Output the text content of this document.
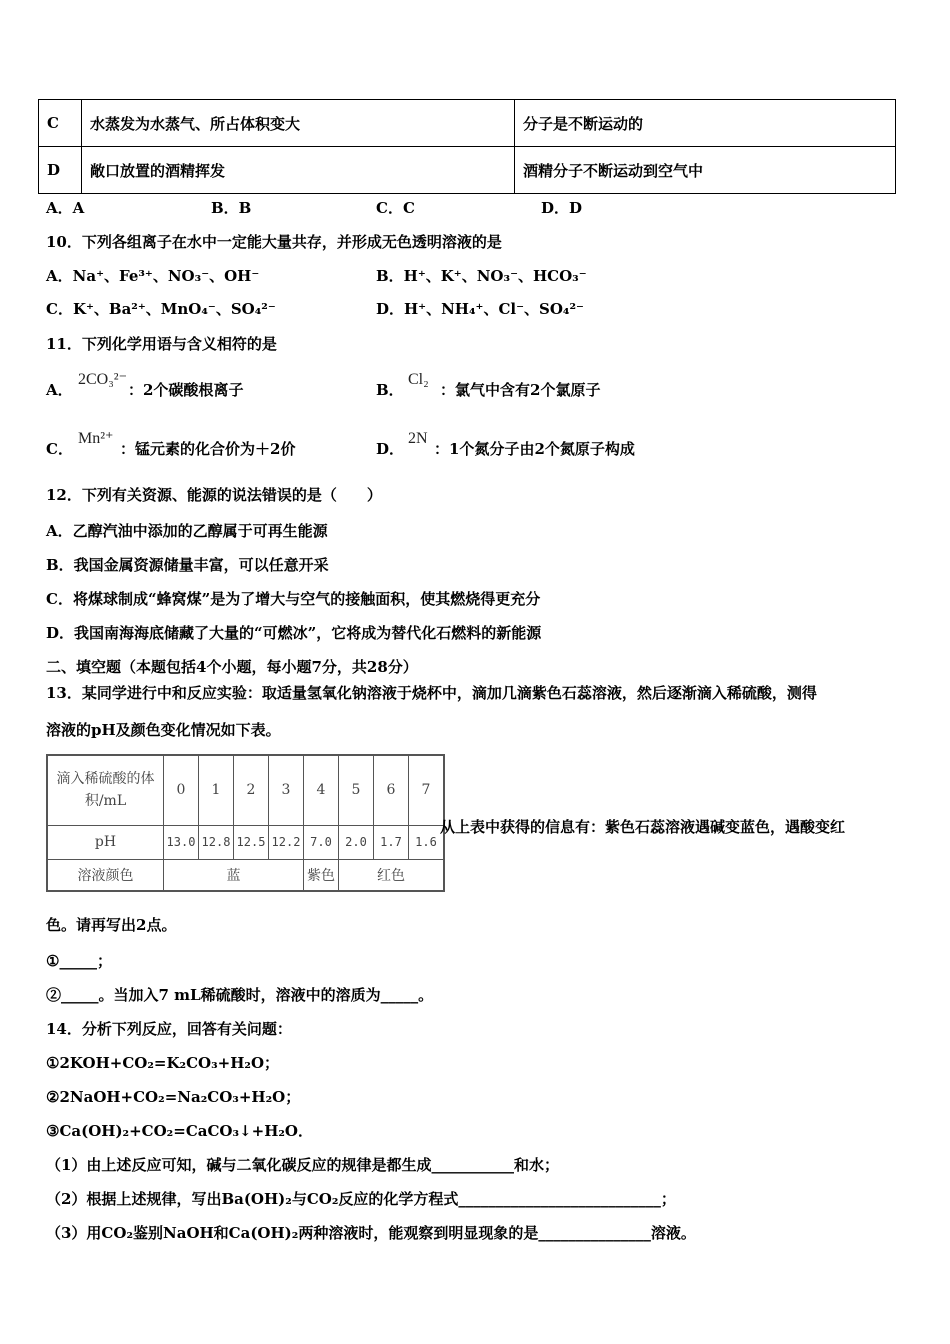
C	水蒸发为水蒸气、所占体积变大	分子是不断运动的
D	敞口放置的酒精挥发	酒精分子不断运动到空气中
A．A	B．B	C．C	D．D
10．下列各组离子在水中一定能大量共存，并形成无色透明溶液的是
A．Na⁺、Fe³⁺、NO₃⁻、OH⁻	B．H⁺、K⁺、NO₃⁻、HCO₃⁻
C．K⁺、Ba²⁺、MnO₄⁻、SO₄²⁻	D．H⁺、NH₄⁺、Cl⁻、SO₄²⁻
11．下列化学用语与含义相符的是
A．
2CO₃²⁻
：2个碳酸根离子	B．
Cl₂
：氯气中含有2个氯原子
C．
Mn²⁺
：锰元素的化合价为＋2价	D．
2N
：1个氮分子由2个氮原子构成
12．下列有关资源、能源的说法错误的是（　　）
A．乙醇汽油中添加的乙醇属于可再生能源
B．我国金属资源储量丰富，可以任意开采
C．将煤球制成“蜂窝煤”是为了增大与空气的接触面积，使其燃烧得更充分
D．我国南海海底储藏了大量的“可燃冰”，它将成为替代化石燃料的新能源
二、填空题（本题包括4个小题，每小题7分，共28分）
13．某同学进行中和反应实验：取适量氢氧化钠溶液于烧杯中，滴加几滴紫色石蕊溶液，然后逐渐滴入稀硫酸，测得
溶液的pH及颜色变化情况如下表。
滴入稀硫酸的体积/mL	0	1	2	3	4	5	6	7
pH	13.0	12.8	12.5	12.2	7.0	2.0	1.7	1.6
溶液颜色	蓝				紫色	红色		
从上表中获得的信息有：紫色石蕊溶液遇碱变蓝色，遇酸变红
色。请再写出2点。
①_____；
②_____。当加入7 mL稀硫酸时，溶液中的溶质为_____。
14．分析下列反应，回答有关问题：
①2KOH+CO₂=K₂CO₃+H₂O；
②2NaOH+CO₂=Na₂CO₃+H₂O；
③Ca(OH)₂+CO₂=CaCO₃↓+H₂O．
（1）由上述反应可知，碱与二氧化碳反应的规律是都生成___________和水；
（2）根据上述规律，写出Ba(OH)₂与CO₂反应的化学方程式___________________________；
（3）用CO₂鉴别NaOH和Ca(OH)₂两种溶液时，能观察到明显现象的是_______________溶液。
